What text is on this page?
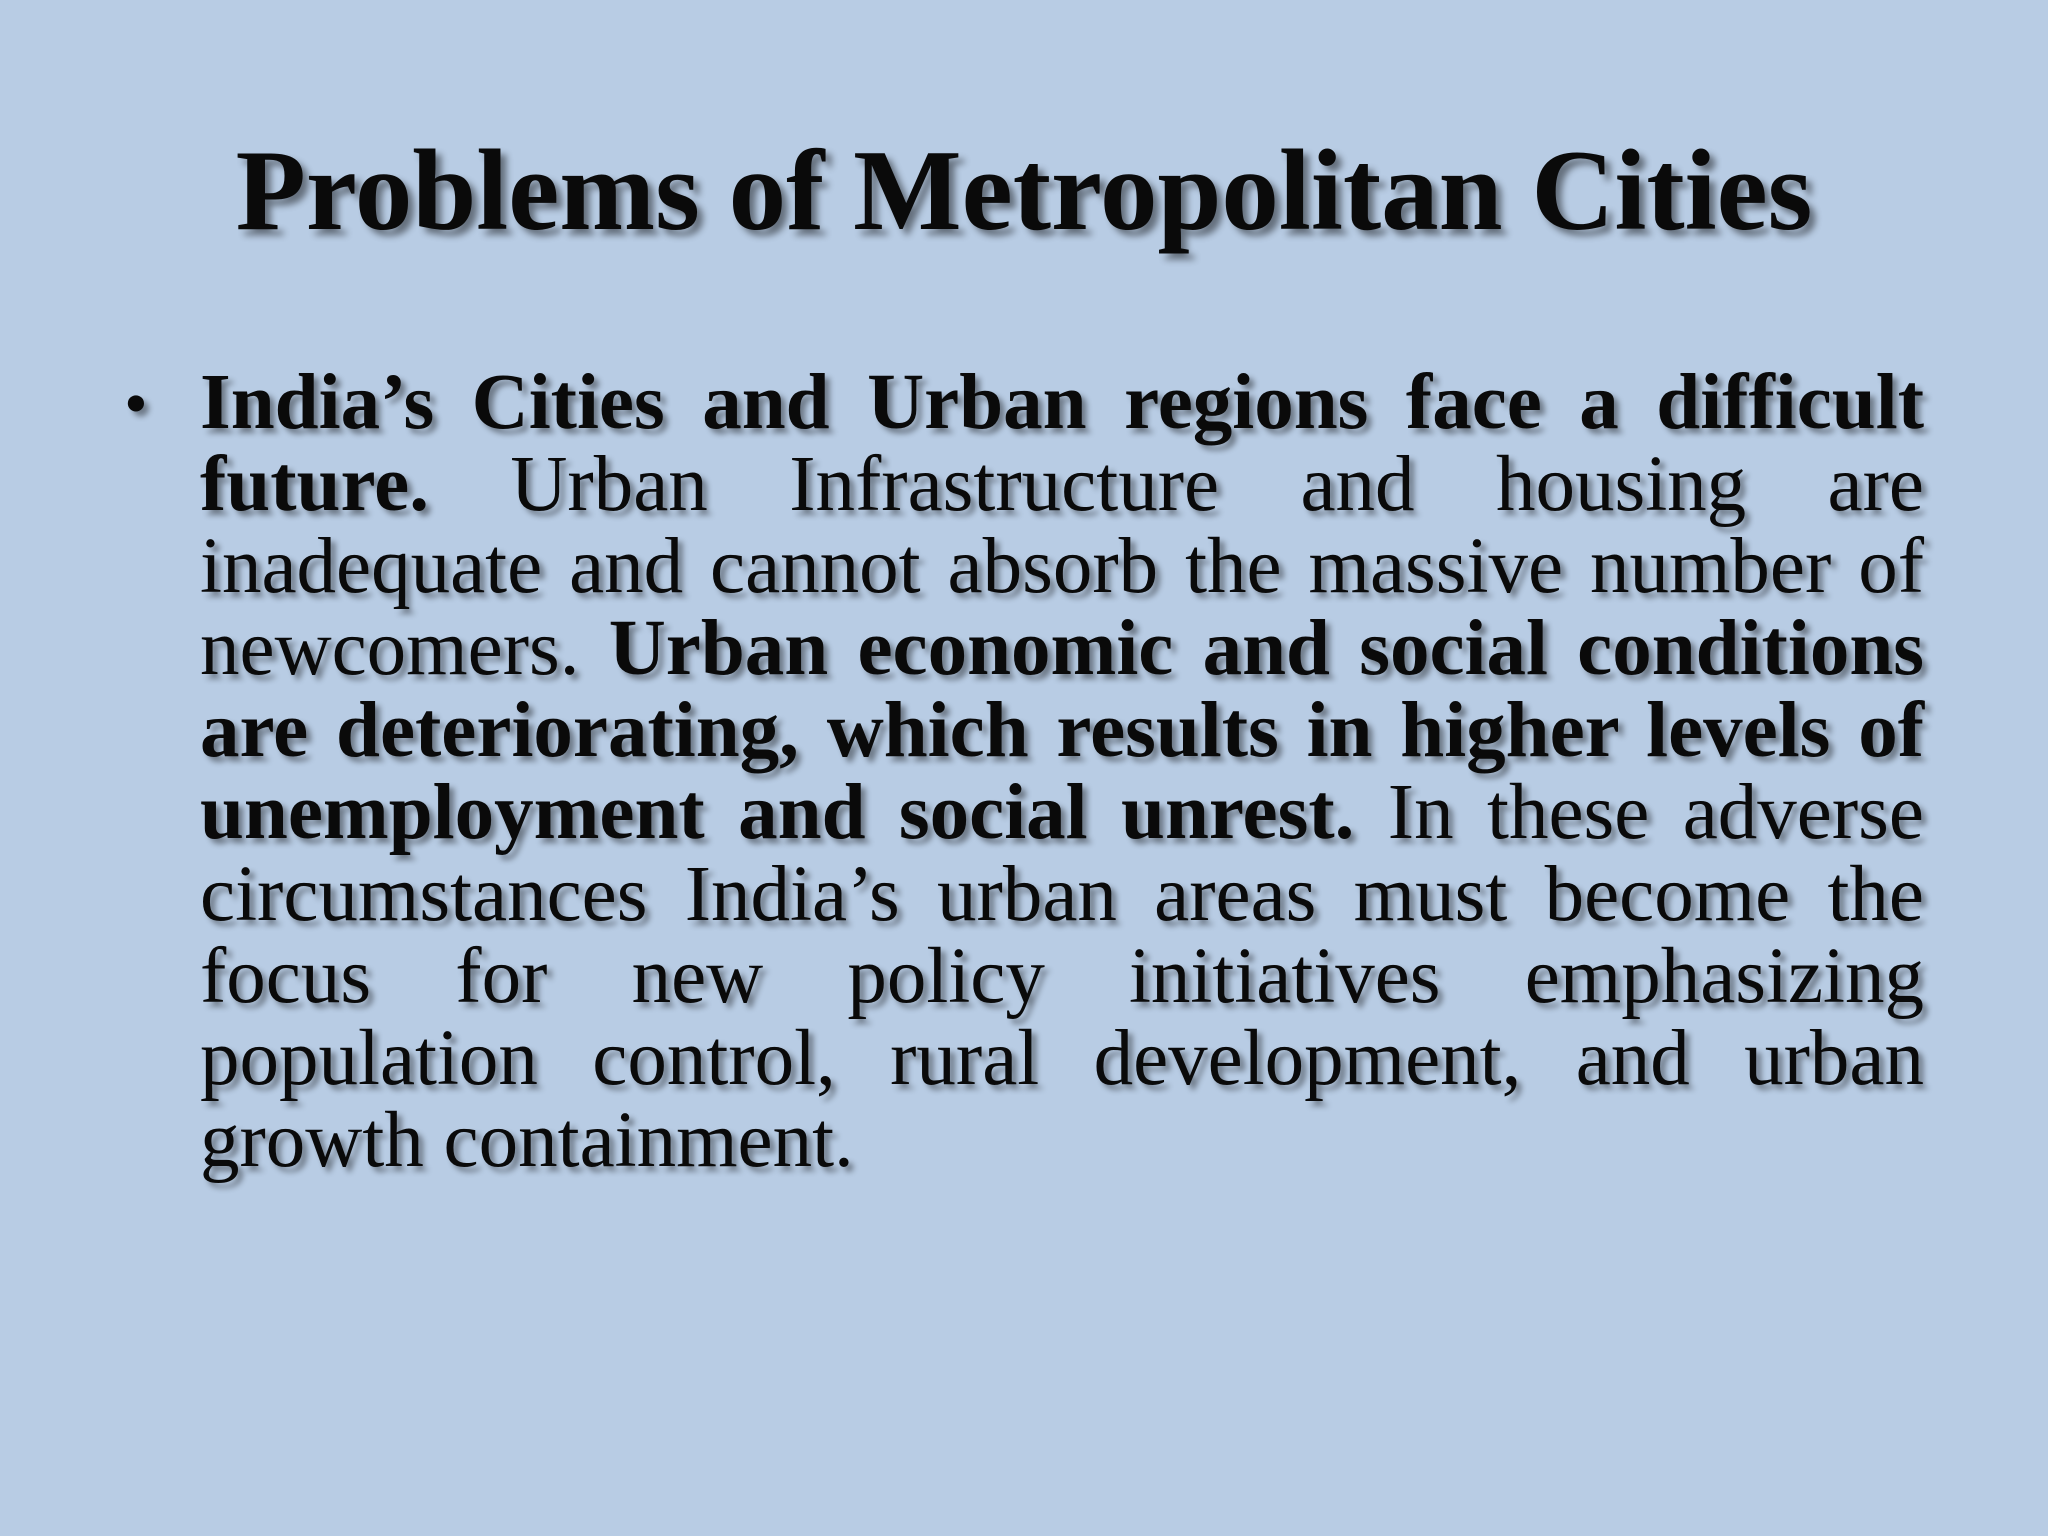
Problems of Metropolitan Cities
• India’s Cities and Urban regions face a difficult future. Urban Infrastructure and housing are inadequate and cannot absorb the massive number of newcomers. Urban economic and social conditions are deteriorating, which results in higher levels of unemployment and social unrest. In these adverse circumstances India’s urban areas must become the focus for new policy initiatives emphasizing population control, rural development, and urban growth containment.
